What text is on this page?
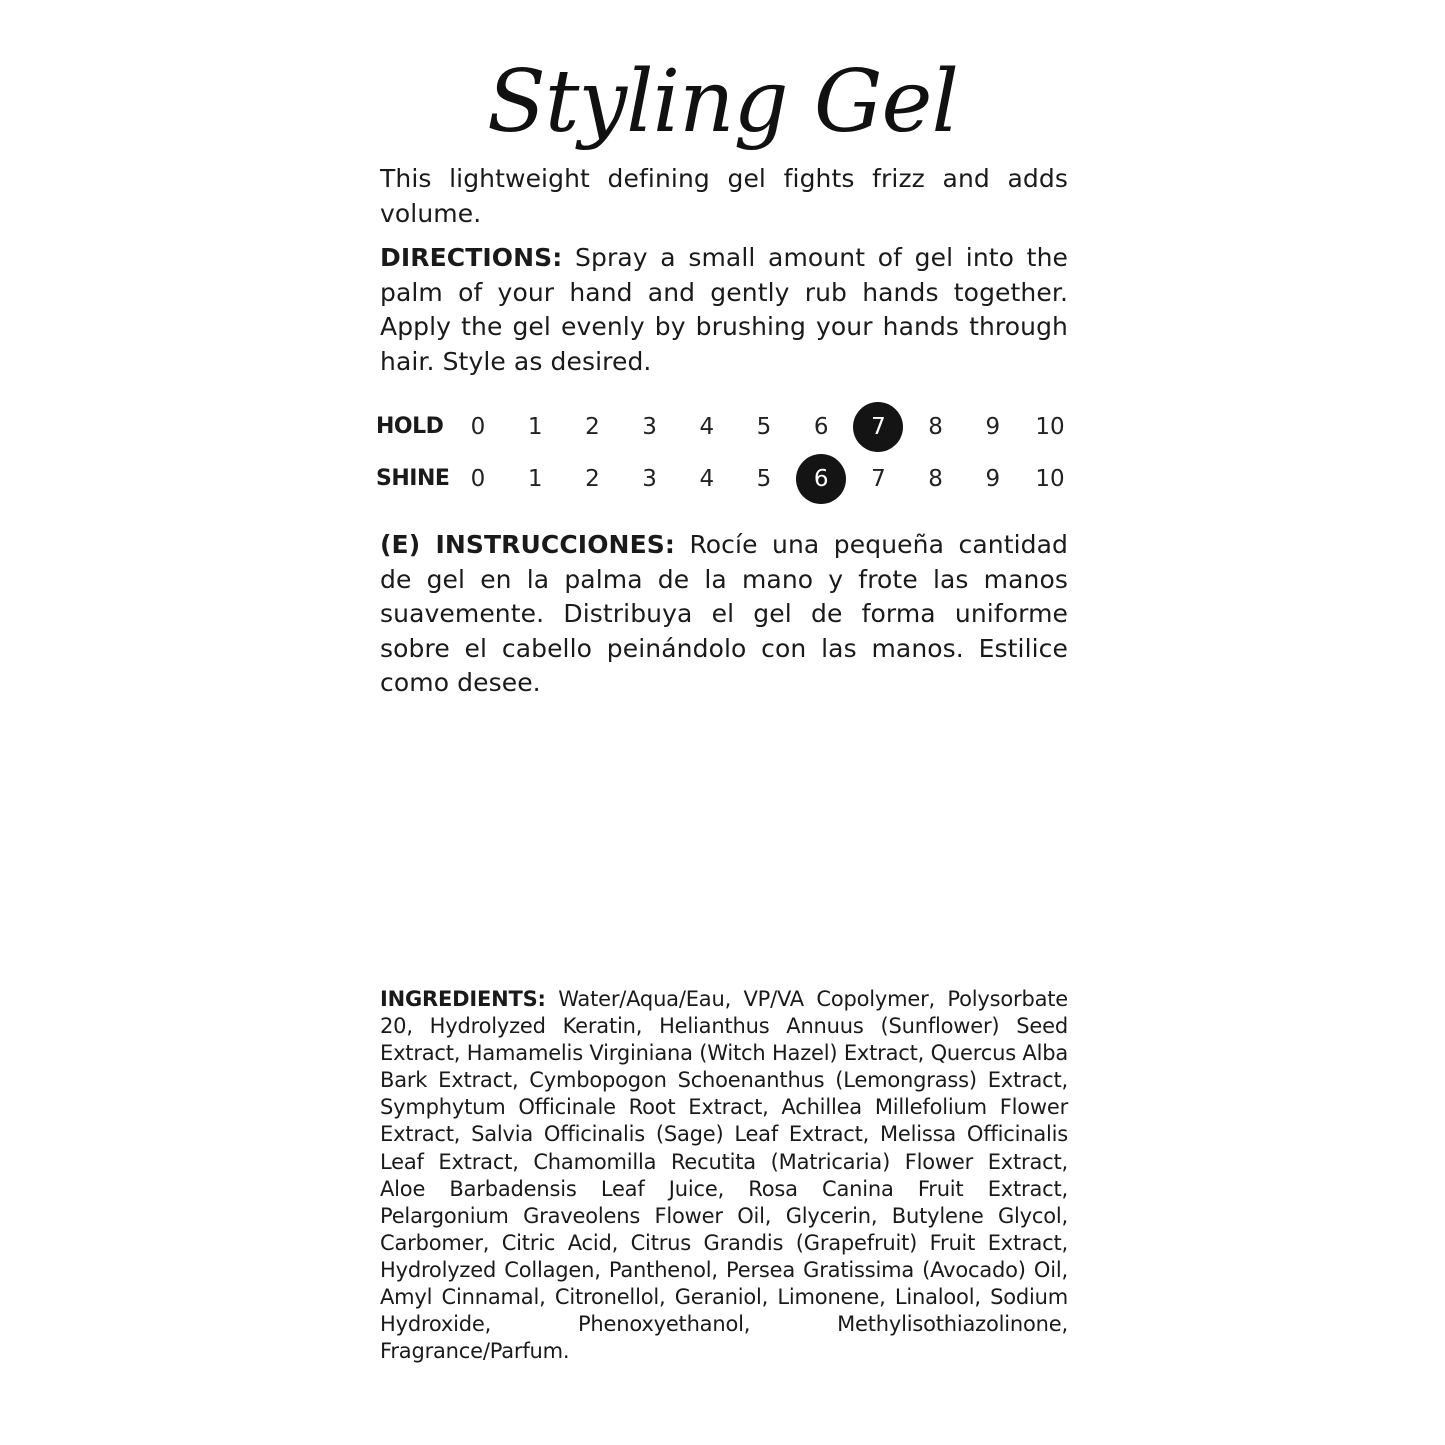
Styling Gel

This lightweight defining gel fights frizz and adds volume.

DIRECTIONS: Spray a small amount of gel into the palm of your hand and gently rub hands together. Apply the gel evenly by brushing your hands through hair. Style as desired.

HOLD	0	1	2	3	4	5	6	7	8	9	10
SHINE 0	1	2	3	4	5	6	7	8	9	10

(E) INSTRUCCIONES: Rocíe una pequeña cantidad de gel en la palma de la mano y frote las manos suavemente. Distribuya el gel de forma uniforme sobre el cabello peinándolo con las manos. Estilice como desee.

INGREDIENTS: Water/Aqua/Eau, VP/VA Copolymer, Polysorbate 20, Hydrolyzed Keratin, Helianthus Annuus (Sunflower) Seed Extract, Hamamelis Virginiana (Witch Hazel) Extract, Quercus Alba Bark Extract, Cymbopogon Schoenanthus (Lemongrass) Extract, Symphytum Officinale Root Extract, Achillea Millefolium Flower Extract, Salvia Officinalis (Sage) Leaf Extract, Melissa Officinalis Leaf Extract, Chamomilla Recutita (Matricaria) Flower Extract, Aloe Barbadensis Leaf Juice, Rosa Canina Fruit Extract, Pelargonium Graveolens Flower Oil, Glycerin, Butylene Glycol, Carbomer, Citric Acid, Citrus Grandis (Grapefruit) Fruit Extract, Hydrolyzed Collagen, Panthenol, Persea Gratissima (Avocado) Oil, Amyl Cinnamal, Citronellol, Geraniol, Limonene, Linalool, Sodium Hydroxide, Phenoxyethanol, Methylisothiazolinone, Fragrance/Parfum.
